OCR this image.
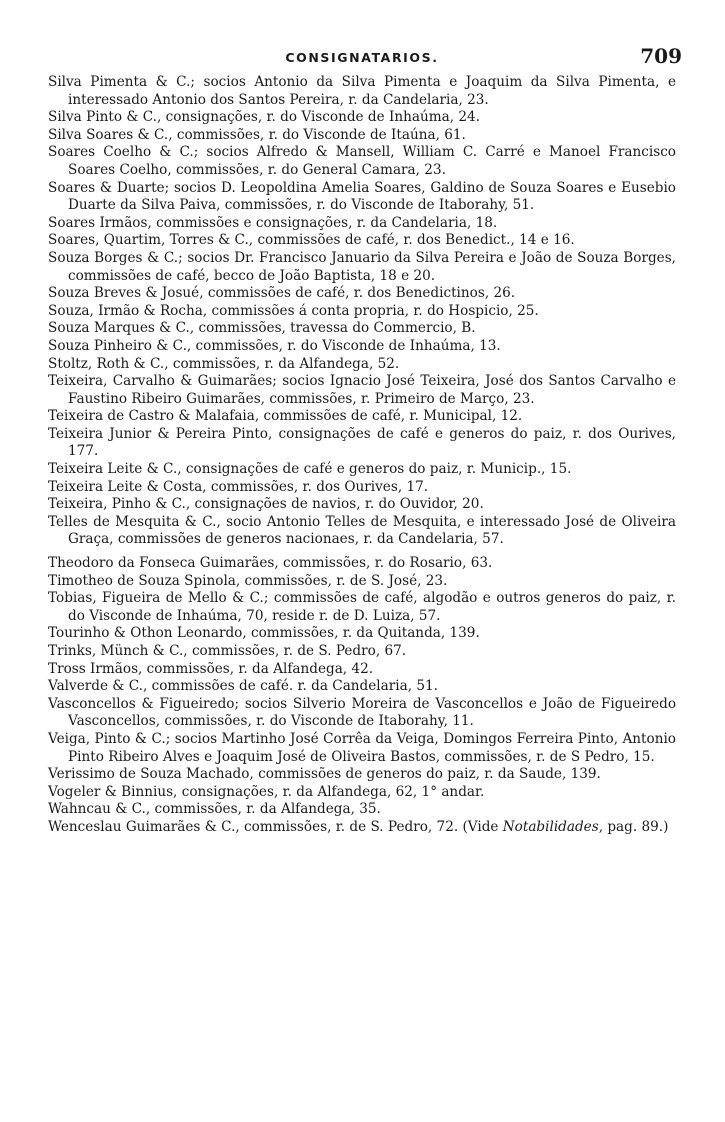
CONSIGNATARIOS.	709

Silva Pimenta & C.; socios Antonio da Silva Pimenta e Joaquim da Silva Pimenta, e interessado Antonio dos Santos Pereira, r. da Candelaria, 23.

Silva Pinto & C., consignações, r. do Visconde de Inhaúma, 24.

Silva Soares & C., commissões, r. do Visconde de Itaúna, 61.

Soares Coelho & C.; socios Alfredo & Mansell, William C. Carré e Manoel Francisco Soares Coelho, commissões, r. do General Camara, 23.

Soares & Duarte; socios D. Leopoldina Amelia Soares, Galdino de Souza Soares e Eusebio Duarte da Silva Paiva, commissões, r. do Visconde de Itaborahy, 51.

Soares Irmãos, commissões e consignações, r. da Candelaria, 18.

Soares, Quartim, Torres & C., commissões de café, r. dos Benedict., 14 e 16.

Souza Borges & C.; socios Dr. Francisco Januario da Silva Pereira e João de Souza Borges, commissões de café, becco de João Baptista, 18 e 20.

Souza Breves & Josué, commissões de café, r. dos Benedictinos, 26.

Souza, Irmão & Rocha, commissões á conta propria, r. do Hospicio, 25.

Souza Marques & C., commissões, travessa do Commercio, B.

Souza Pinheiro & C., commissões, r. do Visconde de Inhaúma, 13.

Stoltz, Roth & C., commissões, r. da Alfandega, 52.

Teixeira, Carvalho & Guimarães; socios Ignacio José Teixeira, José dos Santos Carvalho e Faustino Ribeiro Guimarães, commissões, r. Primeiro de Março, 23.

Teixeira de Castro & Malafaia, commissões de café, r. Municipal, 12.

Teixeira Junior & Pereira Pinto, consignações de café e generos do paiz, r. dos Ourives, 177.

Teixeira Leite & C., consignações de café e generos do paiz, r. Municip., 15.

Teixeira Leite & Costa, commissões, r. dos Ourives, 17.

Teixeira, Pinho & C., consignações de navios, r. do Ouvidor, 20.

Telles de Mesquita & C., socio Antonio Telles de Mesquita, e interessado José de Oliveira Graça, commissões de generos nacionaes, r. da Candelaria, 57.

Theodoro da Fonseca Guimarães, commissões, r. do Rosario, 63.

Timotheo de Souza Spinola, commissões, r. de S. José, 23.

Tobias, Figueira de Mello & C.; commissões de café, algodão e outros generos do paiz, r. do Visconde de Inhaúma, 70, reside r. de D. Luiza, 57.

Tourinho & Othon Leonardo, commissões, r. da Quitanda, 139.

Trinks, Münch & C., commissões, r. de S. Pedro, 67.

Tross Irmãos, commissões, r. da Alfandega, 42.

Valverde & C., commissões de café. r. da Candelaria, 51.

Vasconcellos & Figueiredo; socios Silverio Moreira de Vasconcellos e João de Figueiredo Vasconcellos, commissões, r. do Visconde de Itaborahy, 11.

Veiga, Pinto & C.; socios Martinho José Corrêa da Veiga, Domingos Ferreira Pinto, Antonio Pinto Ribeiro Alves e Joaquim José de Oliveira Bastos, commissões, r. de S Pedro, 15.

Verissimo de Souza Machado, commissões de generos do paiz, r. da Saude, 139.

Vogeler & Binnius, consignações, r. da Alfandega, 62, 1° andar.

Wahncau & C., commissões, r. da Alfandega, 35.

Wenceslau Guimarães & C., commissões, r. de S. Pedro, 72. (Vide Notabilidades, pag. 89.)
